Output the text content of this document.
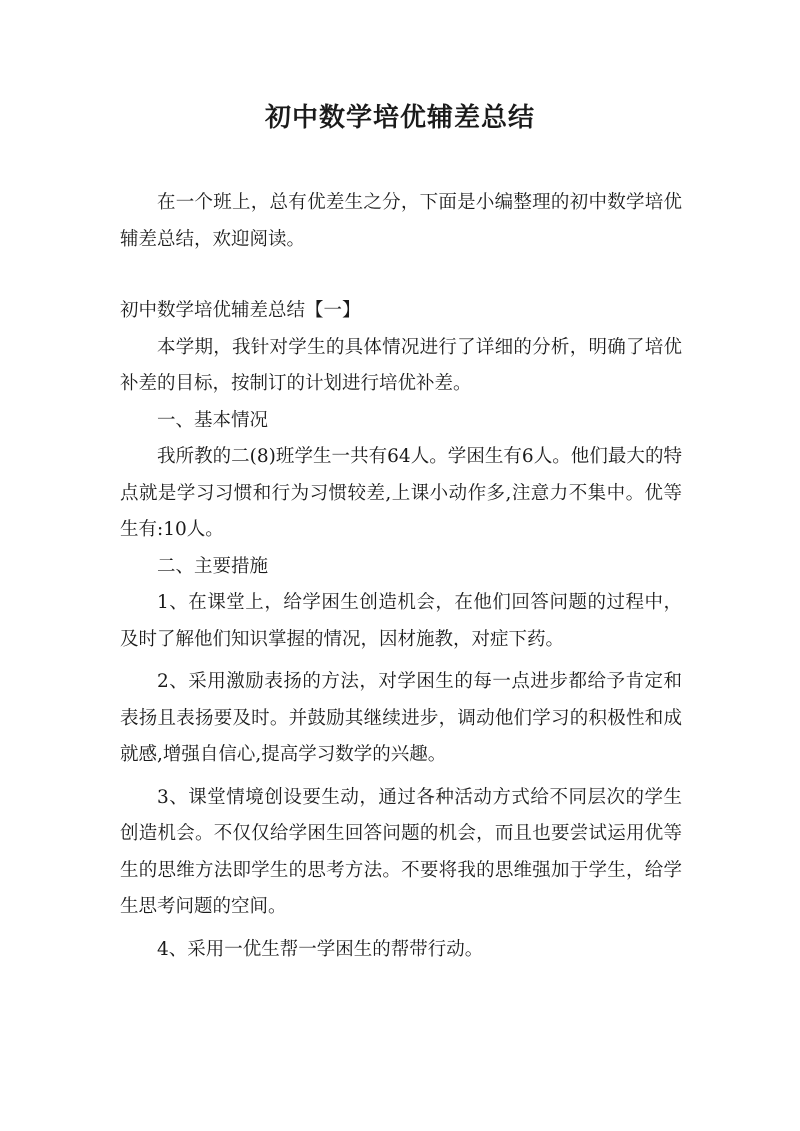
初中数学培优辅差总结

在一个班上，总有优差生之分，下面是小编整理的初中数学培优辅差总结，欢迎阅读。

初中数学培优辅差总结【一】

本学期，我针对学生的具体情况进行了详细的分析，明确了培优补差的目标，按制订的计划进行培优补差。

一、基本情况

我所教的二(8)班学生一共有64人。学困生有6人。他们最大的特点就是学习习惯和行为习惯较差,上课小动作多,注意力不集中。优等生有:10人。

二、主要措施

1、在课堂上，给学困生创造机会，在他们回答问题的过程中，及时了解他们知识掌握的情况，因材施教，对症下药。

2、采用激励表扬的方法，对学困生的每一点进步都给予肯定和表扬且表扬要及时。并鼓励其继续进步，调动他们学习的积极性和成就感,增强自信心,提高学习数学的兴趣。

3、课堂情境创设要生动，通过各种活动方式给不同层次的学生创造机会。不仅仅给学困生回答问题的机会，而且也要尝试运用优等生的思维方法即学生的思考方法。不要将我的思维强加于学生，给学生思考问题的空间。

4、采用一优生帮一学困生的帮带行动。
